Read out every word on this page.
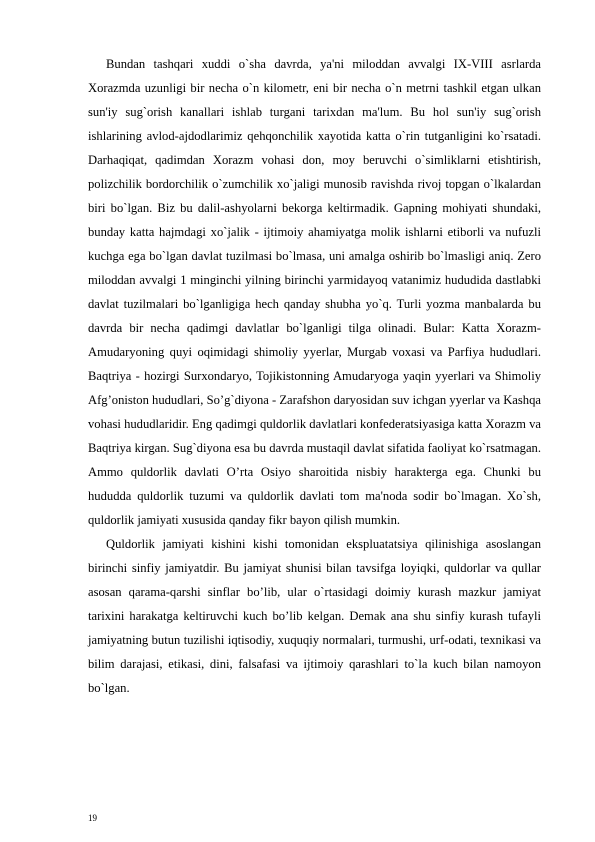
Bundan tashqari xuddi o`sha davrda, ya'ni miloddan avvalgi IX-VIII asrlarda Xorazmda uzunligi bir necha o`n kilometr, eni bir necha o`n metrni tashkil etgan ulkan sun'iy sug`orish kanallari ishlab turgani tarixdan ma'lum. Bu hol sun'iy sug`orish ishlarining avlod-ajdodlarimiz qehqonchilik xayotida katta o`rin tutganligini ko`rsatadi. Darhaqiqat, qadimdan Xorazm vohasi don, moy beruvchi o`simliklarni etishtirish, polizchilik bordorchilik o`zumchilik xo`jaligi munosib ravishda rivoj topgan o`lkalardan biri bo`lgan. Biz bu dalil-ashyolarni bekorga keltirmadik. Gapning mohiyati shundaki, bunday katta hajmdagi xo`jalik - ijtimoiy ahamiyatga molik ishlarni etiborli va nufuzli kuchga ega bo`lgan davlat tuzilmasi bo`lmasa, uni amalga oshirib bo`lmasligi aniq. Zero miloddan avvalgi 1 minginchi yilning birinchi yarmidayoq vatanimiz hududida dastlabki davlat tuzilmalari bo`lganligiga hech qanday shubha yo`q. Turli yozma manbalarda bu davrda bir necha qadimgi davlatlar bo`lganligi tilga olinadi. Bular: Katta Xorazm- Amudaryoning quyi oqimidagi shimoliy yyerlar, Murgab voxasi va Parfiya hududlari. Baqtriya - hozirgi Surxondaryo, Tojikistonning Amudaryoga yaqin yyerlari va Shimoliy Afg’oniston hududlari, So’g`diyona - Zarafshon daryosidan suv ichgan yyerlar va Kashqa vohasi hududlaridir. Eng qadimgi quldorlik davlatlari konfederatsiyasiga katta Xorazm va Baqtriya kirgan. Sug`diyona esa bu davrda mustaqil davlat sifatida faoliyat ko`rsatmagan. Ammo quldorlik davlati O’rta Osiyo sharoitida nisbiy harakterga ega. Chunki bu hududda quldorlik tuzumi va quldorlik davlati tom ma'noda sodir bo`lmagan. Xo`sh, quldorlik jamiyati xususida qanday fikr bayon qilish mumkin.

Quldorlik jamiyati kishini kishi tomonidan ekspluatatsiya qilinishiga asoslangan birinchi sinfiy jamiyatdir. Bu jamiyat shunisi bilan tavsifga loyiqki, quldorlar va qullar asosan qarama-qarshi sinflar bo’lib, ular o`rtasidagi doimiy kurash mazkur jamiyat tarixini harakatga keltiruvchi kuch bo’lib kelgan. Demak ana shu sinfiy kurash tufayli jamiyatning butun tuzilishi iqtisodiy, xuquqiy normalari, turmushi, urf-odati, texnikasi va bilim darajasi, etikasi, dini, falsafasi va ijtimoiy qarashlari to`la kuch bilan namoyon bo`lgan.

19
